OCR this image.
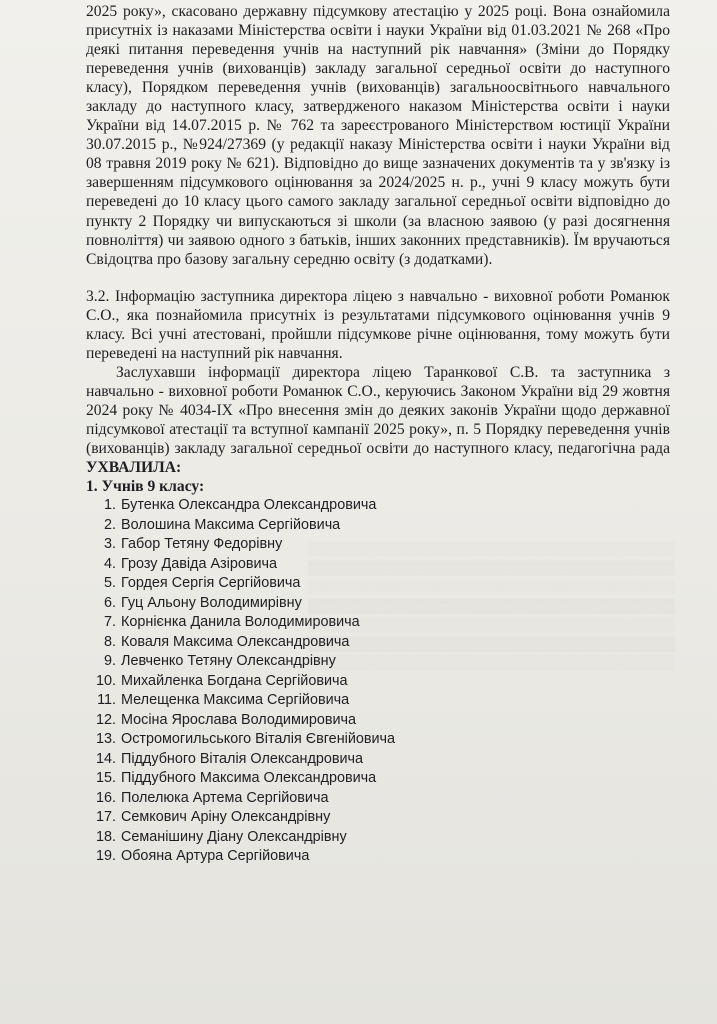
░░░░░░░░░░░░░░░░░░░░░░░░░░░░░░░░░░░░░
▒▒▒▒▒▒▒▒▒▒▒▒▒▒▒▒▒▒▒▒▒▒▒▒▒▒▒▒▒▒▒▒▒▒▒▒▒
░░░░░░░░░░░░░░░░░░░░░░░░░░░░░░░░░░░░░
▒▒▒▒▒▒▒▒▒▒▒▒▒▒▒▒▒▒▒▒▒▒▒▒▒▒▒▒▒▒▒▒▒▒▒▒▒
░░░░░░░░░░░░░░░░░░░░░░░░░░░░░░░░░░░░░
▒▒▒▒▒▒▒▒▒▒▒▒▒▒▒▒▒▒▒▒▒▒▒▒▒▒▒▒▒▒▒▒▒▒▒▒▒
░░░░░░░░░░░░░░░░░░░░░░░░░░░░░░░░░░░░░

2025 року», скасовано державну підсумкову атестацію у 2025 році. Вона ознайомила присутніх із наказами Міністерства освіти і науки України від 01.03.2021 № 268 «Про деякі питання переведення учнів на наступний рік навчання» (Зміни до Порядку переведення учнів (вихованців) закладу загальної середньої освіти до наступного класу), Порядком переведення учнів (вихованців) загальноосвітнього навчального закладу до наступного класу, затвердженого наказом Міністерства освіти і науки України від 14.07.2015 р. № 762 та зареєстрованого Міністерством юстиції України 30.07.2015 р., №924/27369 (у редакції наказу Міністерства освіти і науки України від 08 травня 2019 року № 621). Відповідно до вище зазначених документів та у зв'язку із завершенням підсумкового оцінювання за 2024/2025 н. р., учні 9 класу можуть бути переведені до 10 класу цього самого закладу загальної середньої освіти відповідно до пункту 2 Порядку чи випускаються зі школи (за власною заявою (у разі досягнення повноліття) чи заявою одного з батьків, інших законних представників). Їм вручаються Свідоцтва про базову загальну середню освіту (з додатками).

3.2. Інформацію заступника директора ліцею з навчально - виховної роботи Романюк С.О., яка познайомила присутніх із результатами підсумкового оцінювання учнів 9 класу. Всі учні атестовані, пройшли підсумкове річне оцінювання, тому можуть бути переведені на наступний рік навчання.

Заслухавши інформації директора ліцею Таранкової С.В. та заступника з навчально - виховної роботи Романюк С.О., керуючись Законом України від 29 жовтня 2024 року № 4034-IX «Про внесення змін до деяких законів України щодо державної підсумкової атестації та вступної кампанії 2025 року», п. 5 Порядку переведення учнів (вихованців) закладу загальної середньої освіти до наступного класу, педагогічна рада УХВАЛИЛА:

1. Учнів 9 класу:

1. Бутенка Олександра Олександровича
2. Волошина Максима Сергійовича
3. Габор Тетяну Федорівну
4. Грозу Давіда Азіровича
5. Гордея Сергія Сергійовича
6. Гуц Альону Володимирівну
7. Корнієнка Данила Володимировича
8. Коваля Максима Олександровича
9. Левченко Тетяну Олександрівну
10. Михайленка Богдана Сергійовича
11. Мелещенка Максима Сергійовича
12. Мосіна Ярослава Володимировича
13. Остромогильського Віталія Євгенійовича
14. Піддубного Віталія Олександровича
15. Піддубного Максима Олександровича
16. Полелюка Артема Сергійовича
17. Семкович Аріну Олександрівну
18. Семанішину Діану Олександрівну
19. Обояна Артура Сергійовича
